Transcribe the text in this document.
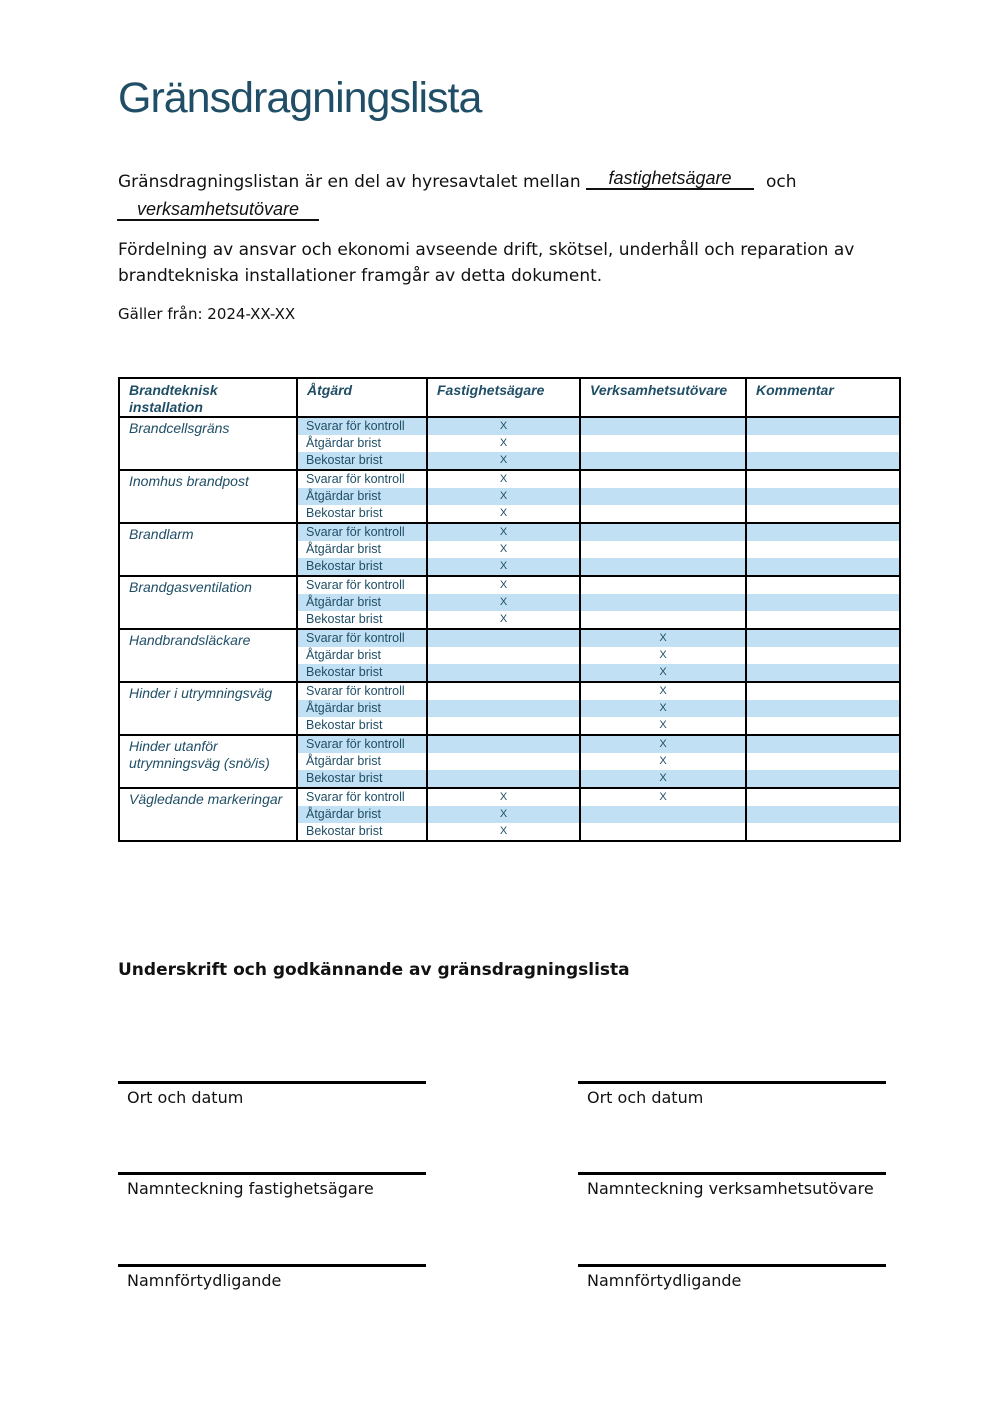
Gränsdragningslista
Gränsdragningslistan är en del av hyresavtalet mellan	fastighetsägare	och
verksamhetsutövare

Fördelning av ansvar och ekonomi avseende drift, skötsel, underhåll och reparation av brandtekniska installationer framgår av detta dokument.

Gäller från: 2024-XX-XX
Brandteknisk installation	Åtgärd	Fastighetsägare	Verksamhetsutövare	Kommentar
Brandcellsgräns	Svarar för kontroll	X		
	Åtgärdar brist	X		
	Bekostar brist	X		
Inomhus brandpost	Svarar för kontroll	X		
	Åtgärdar brist	X		
	Bekostar brist	X		
Brandlarm	Svarar för kontroll	X		
	Åtgärdar brist	X		
	Bekostar brist	X		
Brandgasventilation	Svarar för kontroll	X		
	Åtgärdar brist	X		
	Bekostar brist	X		
Handbrandsläckare	Svarar för kontroll		X	
	Åtgärdar brist		X	
	Bekostar brist		X	
Hinder i utrymningsväg	Svarar för kontroll		X	
	Åtgärdar brist		X	
	Bekostar brist		X	
Hinder utanför utrymningsväg (snö/is)	Svarar för kontroll		X	
	Åtgärdar brist		X	
	Bekostar brist		X	
Vägledande markeringar	Svarar för kontroll	X	X	
	Åtgärdar brist	X		
	Bekostar brist	X		
Underskrift och godkännande av gränsdragningslista
Ort och datum	Ort och datum
Namnteckning fastighetsägare	Namnteckning verksamhetsutövare
Namnförtydligande	Namnförtydligande
